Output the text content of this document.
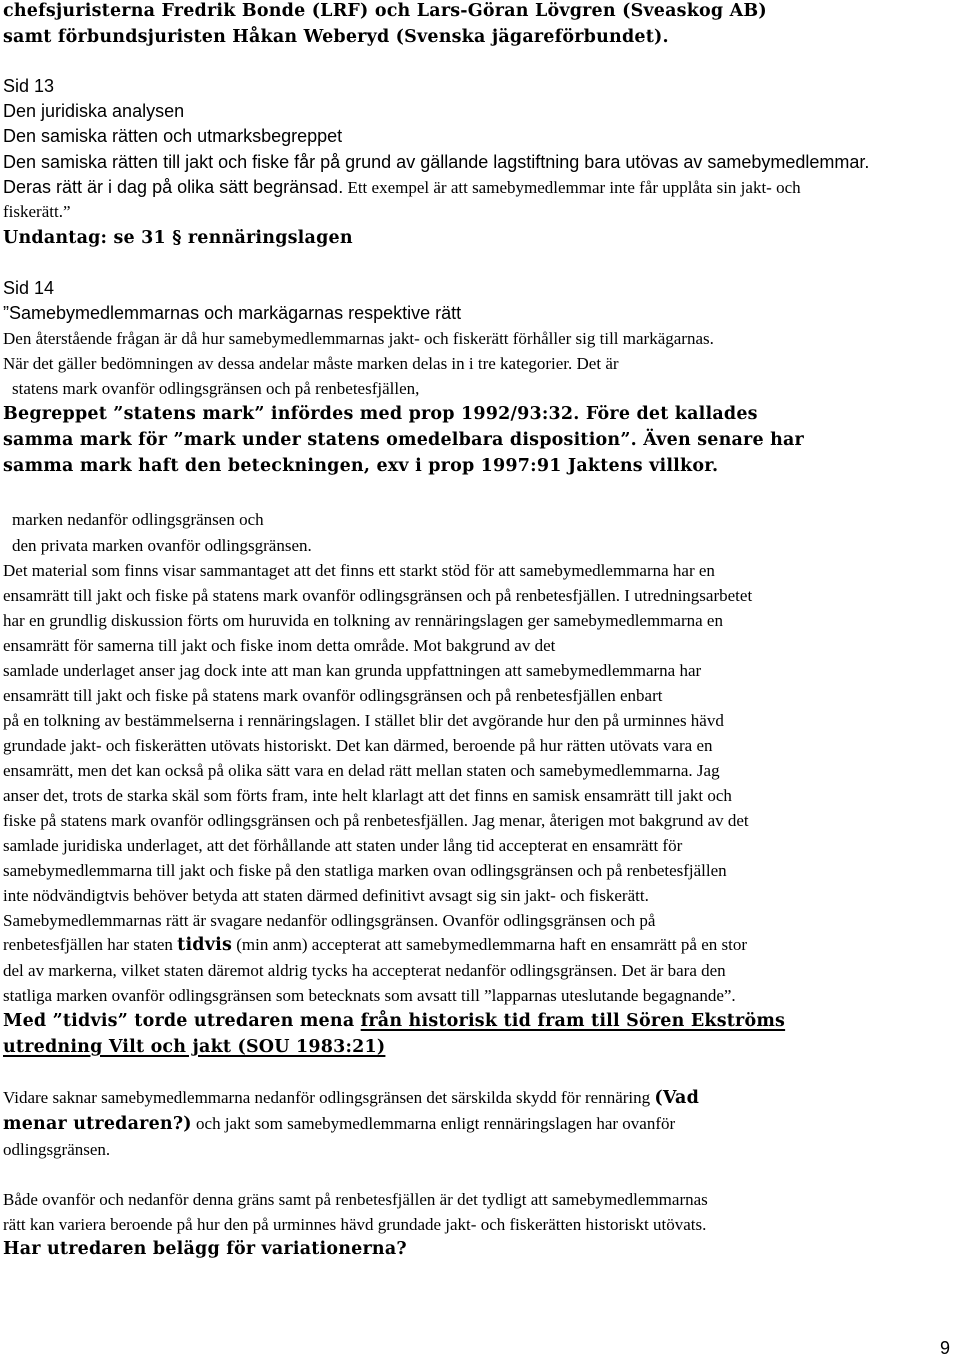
chefsjuristerna Fredrik Bonde (LRF) och Lars-Göran Lövgren (Sveaskog AB)
samt förbundsjuristen Håkan Weberyd (Svenska jägareförbundet).
Sid 13
Den juridiska analysen
Den samiska rätten och utmarksbegreppet
Den samiska rätten till jakt och fiske får på grund av gällande lagstiftning bara utövas av samebymedlemmar.
Deras rätt är i dag på olika sätt begränsad. Ett exempel är att samebymedlemmar inte får upplåta sin jakt- och
fiskerätt.”
Undantag: se 31 § rennäringslagen
Sid 14
”Samebymedlemmarnas och markägarnas respektive rätt
Den återstående frågan är då hur samebymedlemmarnas jakt- och fiskerätt förhåller sig till markägarnas.
När det gäller bedömningen av dessa andelar måste marken delas in i tre kategorier. Det är
statens mark ovanför odlingsgränsen och på renbetesfjällen,
Begreppet ”statens mark” infördes med prop 1992/93:32. Före det kallades
samma mark för ”mark under statens omedelbara disposition”. Även senare har
samma mark haft den beteckningen, exv i prop 1997:91 Jaktens villkor.
marken nedanför odlingsgränsen och
den privata marken ovanför odlingsgränsen.
Det material som finns visar sammantaget att det finns ett starkt stöd för att samebymedlemmarna har en
ensamrätt till jakt och fiske på statens mark ovanför odlingsgränsen och på renbetesfjällen. I utredningsarbetet
har en grundlig diskussion förts om huruvida en tolkning av rennäringslagen ger samebymedlemmarna en
ensamrätt för samerna till jakt och fiske inom detta område. Mot bakgrund av det
samlade underlaget anser jag dock inte att man kan grunda uppfattningen att samebymedlemmarna har
ensamrätt till jakt och fiske på statens mark ovanför odlingsgränsen och på renbetesfjällen enbart
på en tolkning av bestämmelserna i rennäringslagen. I stället blir det avgörande hur den på urminnes hävd
grundade jakt- och fiskerätten utövats historiskt. Det kan därmed, beroende på hur rätten utövats vara en
ensamrätt, men det kan också på olika sätt vara en delad rätt mellan staten och samebymedlemmarna. Jag
anser det, trots de starka skäl som förts fram, inte helt klarlagt att det finns en samisk ensamrätt till jakt och
fiske på statens mark ovanför odlingsgränsen och på renbetesfjällen. Jag menar, återigen mot bakgrund av det
samlade juridiska underlaget, att det förhållande att staten under lång tid accepterat en ensamrätt för
samebymedlemmarna till jakt och fiske på den statliga marken ovan odlingsgränsen och på renbetesfjällen
inte nödvändigtvis behöver betyda att staten därmed definitivt avsagt sig sin jakt- och fiskerätt.
Samebymedlemmarnas rätt är svagare nedanför odlingsgränsen. Ovanför odlingsgränsen och på
renbetesfjällen har staten tidvis (min anm) accepterat att samebymedlemmarna haft en ensamrätt på en stor
del av markerna, vilket staten däremot aldrig tycks ha accepterat nedanför odlingsgränsen. Det är bara den
statliga marken ovanför odlingsgränsen som betecknats som avsatt till ”lapparnas uteslutande begagnande”.
Med ”tidvis” torde utredaren mena från historisk tid fram till Sören Ekströms
utredning Vilt och jakt (SOU 1983:21)
Vidare saknar samebymedlemmarna nedanför odlingsgränsen det särskilda skydd för rennäring (Vad
menar utredaren?) och jakt som samebymedlemmarna enligt rennäringslagen har ovanför
odlingsgränsen.
Både ovanför och nedanför denna gräns samt på renbetesfjällen är det tydligt att samebymedlemmarnas
rätt kan variera beroende på hur den på urminnes hävd grundade jakt- och fiskerätten historiskt utövats.
Har utredaren belägg för variationerna?
9
